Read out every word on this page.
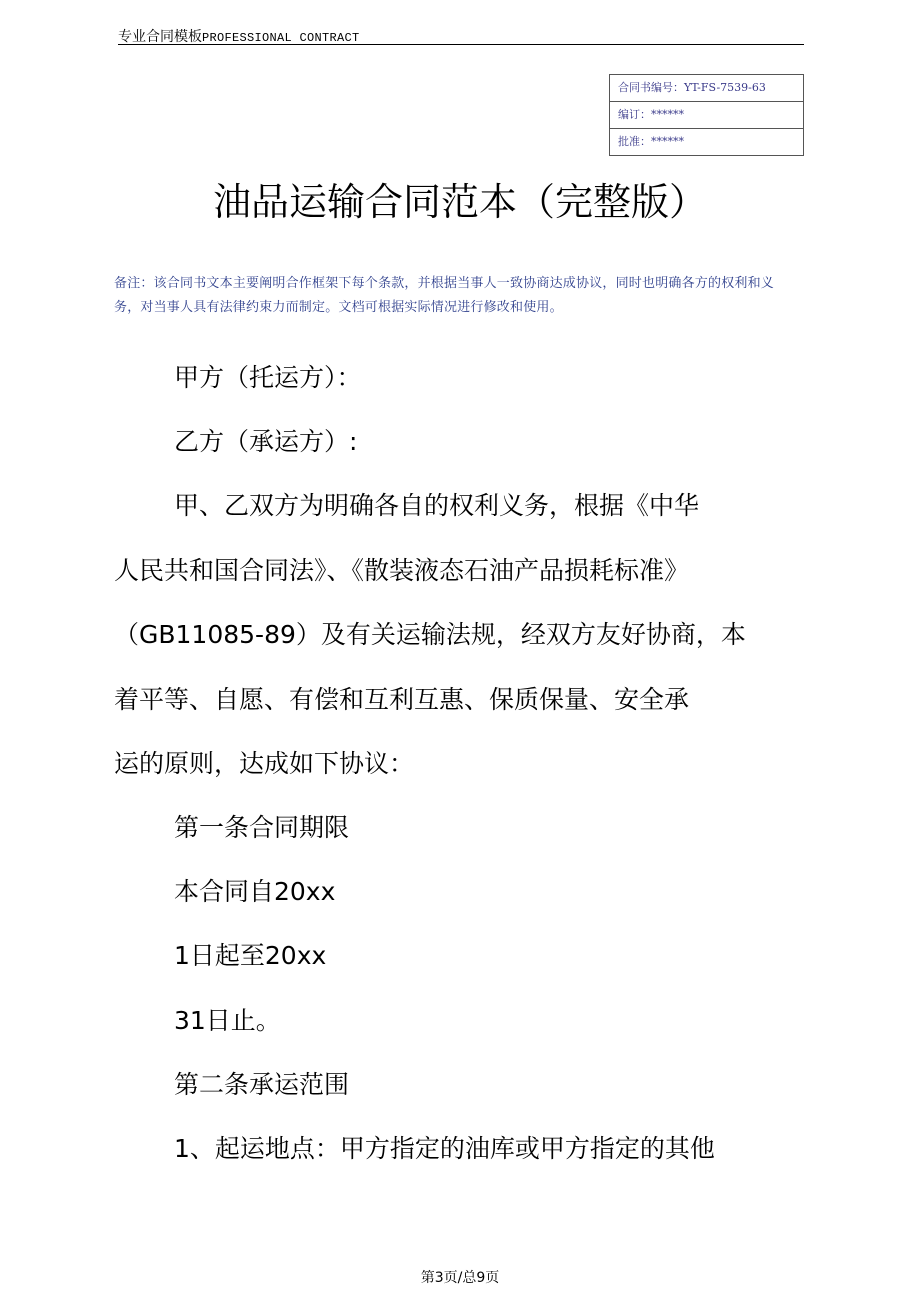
专业合同模板PROFESSIONAL CONTRACT
合同书编号：YT-FS-7539-63
编订：******
批准：******
油品运输合同范本（完整版）
备注：该合同书文本主要阐明合作框架下每个条款，并根据当事人一致协商达成协议，同时也明确各方的权利和义务，对当事人具有法律约束力而制定。文档可根据实际情况进行修改和使用。
甲方（托运方）：
乙方（承运方）:
甲、乙双方为明确各自的权利义务，根据《中华
人民共和国合同法》、《散装液态石油产品损耗标准》
（GB11085-89）及有关运输法规，经双方友好协商，本
着平等、自愿、有偿和互利互惠、保质保量、安全承
运的原则，达成如下协议：
第一条合同期限
本合同自20xx
1日起至20xx
31日止。
第二条承运范围
1、起运地点：甲方指定的油库或甲方指定的其他
第3页/总9页
